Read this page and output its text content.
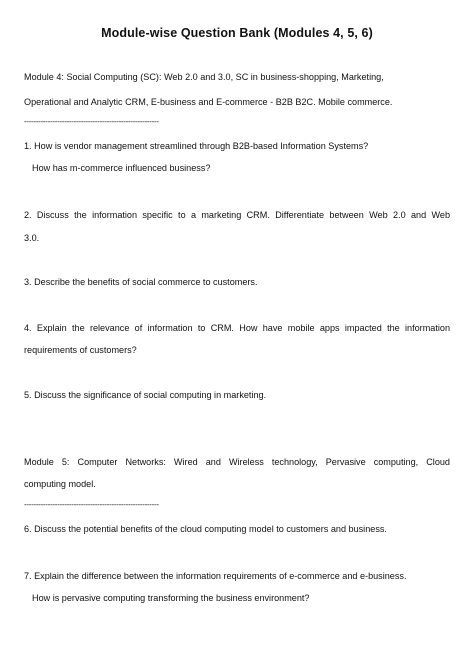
Module-wise Question Bank (Modules 4, 5, 6)
Module 4: Social Computing (SC): Web 2.0 and 3.0, SC in business-shopping, Marketing,
Operational and Analytic CRM, E-business and E-commerce - B2B B2C. Mobile commerce.
---------------------------------------------------------
1. How is vendor management streamlined through B2B-based Information Systems?
How has m-commerce influenced business?
2. Discuss the information specific to a marketing CRM. Differentiate between Web 2.0 and Web
3.0.
3. Describe the benefits of social commerce to customers.
4. Explain the relevance of information to CRM. How have mobile apps impacted the information
requirements of customers?
5. Discuss the significance of social computing in marketing.
Module 5: Computer Networks: Wired and Wireless technology, Pervasive computing, Cloud
computing model.
---------------------------------------------------------
6. Discuss the potential benefits of the cloud computing model to customers and business.
7. Explain the difference between the information requirements of e-commerce and e-business.
How is pervasive computing transforming the business environment?
